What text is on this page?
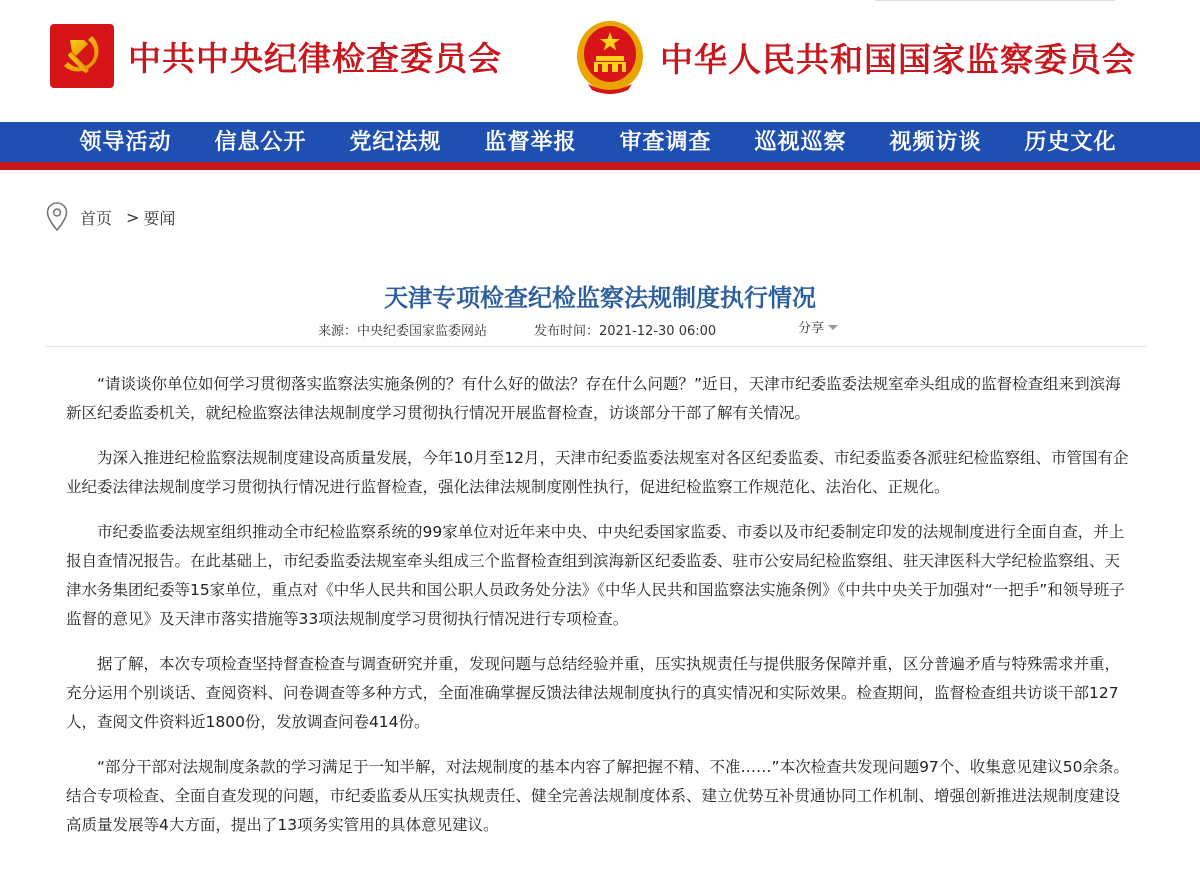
中共中央纪律检查委员会	中华人民共和国国家监察委员会
领导活动	信息公开	党纪法规	监督举报	审查调查	巡视巡察	视频访谈	历史文化
首页 > 要闻
天津专项检查纪检监察法规制度执行情况
来源：中央纪委国家监委网站	发布时间：2021-12-30 06:00	分享

“请谈谈你单位如何学习贯彻落实监察法实施条例的？有什么好的做法？存在什么问题？”近日，天津市纪委监委法规室牵头组成的监督检查组来到滨海新区纪委监委机关，就纪检监察法律法规制度学习贯彻执行情况开展监督检查，访谈部分干部了解有关情况。

为深入推进纪检监察法规制度建设高质量发展，今年10月至12月，天津市纪委监委法规室对各区纪委监委、市纪委监委各派驻纪检监察组、市管国有企业纪委法律法规制度学习贯彻执行情况进行监督检查，强化法律法规制度刚性执行，促进纪检监察工作规范化、法治化、正规化。

市纪委监委法规室组织推动全市纪检监察系统的99家单位对近年来中央、中央纪委国家监委、市委以及市纪委制定印发的法规制度进行全面自查，并上报自查情况报告。在此基础上，市纪委监委法规室牵头组成三个监督检查组到滨海新区纪委监委、驻市公安局纪检监察组、驻天津医科大学纪检监察组、天津水务集团纪委等15家单位，重点对《中华人民共和国公职人员政务处分法》《中华人民共和国监察法实施条例》《中共中央关于加强对“一把手”和领导班子监督的意见》及天津市落实措施等33项法规制度学习贯彻执行情况进行专项检查。

据了解，本次专项检查坚持督查检查与调查研究并重，发现问题与总结经验并重，压实执规责任与提供服务保障并重，区分普遍矛盾与特殊需求并重，充分运用个别谈话、查阅资料、问卷调查等多种方式，全面准确掌握反馈法律法规制度执行的真实情况和实际效果。检查期间，监督检查组共访谈干部127人，查阅文件资料近1800份，发放调查问卷414份。

“部分干部对法规制度条款的学习满足于一知半解，对法规制度的基本内容了解把握不精、不准……”本次检查共发现问题97个、收集意见建议50余条。结合专项检查、全面自查发现的问题，市纪委监委从压实执规责任、健全完善法规制度体系、建立优势互补贯通协同工作机制、增强创新推进法规制度建设高质量发展等4大方面，提出了13项务实管用的具体意见建议。
